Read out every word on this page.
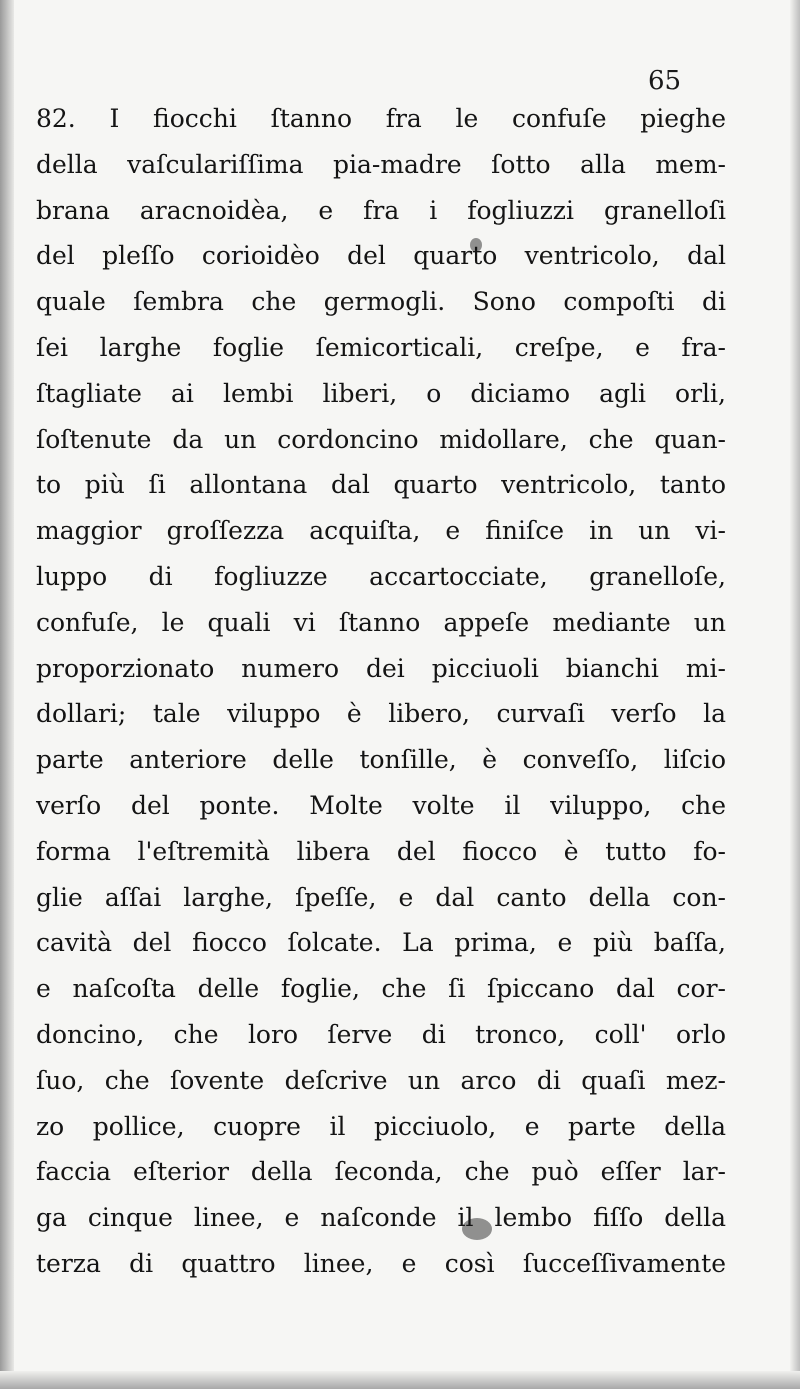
65
82. I fiocchi ſtanno fra le confuſe pieghe
della vaſculariſſima pia-madre ſotto alla mem-
brana aracnoidèa, e fra i fogliuzzi granelloſi
del pleſſo corioidèo del quarto ventricolo, dal
quale ſembra che germogli. Sono compoſti di
ſei larghe foglie ſemicorticali, creſpe, e fra-
ſtagliate ai lembi liberi, o diciamo agli orli,
ſoſtenute da un cordoncino midollare, che quan-
to più ſi allontana dal quarto ventricolo, tanto
maggior groſſezza acquiſta, e finiſce in un vi-
luppo di fogliuzze accartocciate, granelloſe,
confuſe, le quali vi ſtanno appeſe mediante un
proporzionato numero dei picciuoli bianchi mi-
dollari; tale viluppo è libero, curvaſi verſo la
parte anteriore delle tonſille, è conveſſo, liſcio
verſo del ponte. Molte volte il viluppo, che
forma l'eſtremità libera del fiocco è tutto fo-
glie aſſai larghe, ſpeſſe, e dal canto della con-
cavità del fiocco ſolcate. La prima, e più baſſa,
e naſcoſta delle foglie, che ſi ſpiccano dal cor-
doncino, che loro ſerve di tronco, coll' orlo
ſuo, che ſovente deſcrive un arco di quaſi mez-
zo pollice, cuopre il picciuolo, e parte della
faccia eſterior della ſeconda, che può eſſer lar-
ga cinque linee, e naſconde il lembo fiſſo della
terza di quattro linee, e così ſucceſſivamente
